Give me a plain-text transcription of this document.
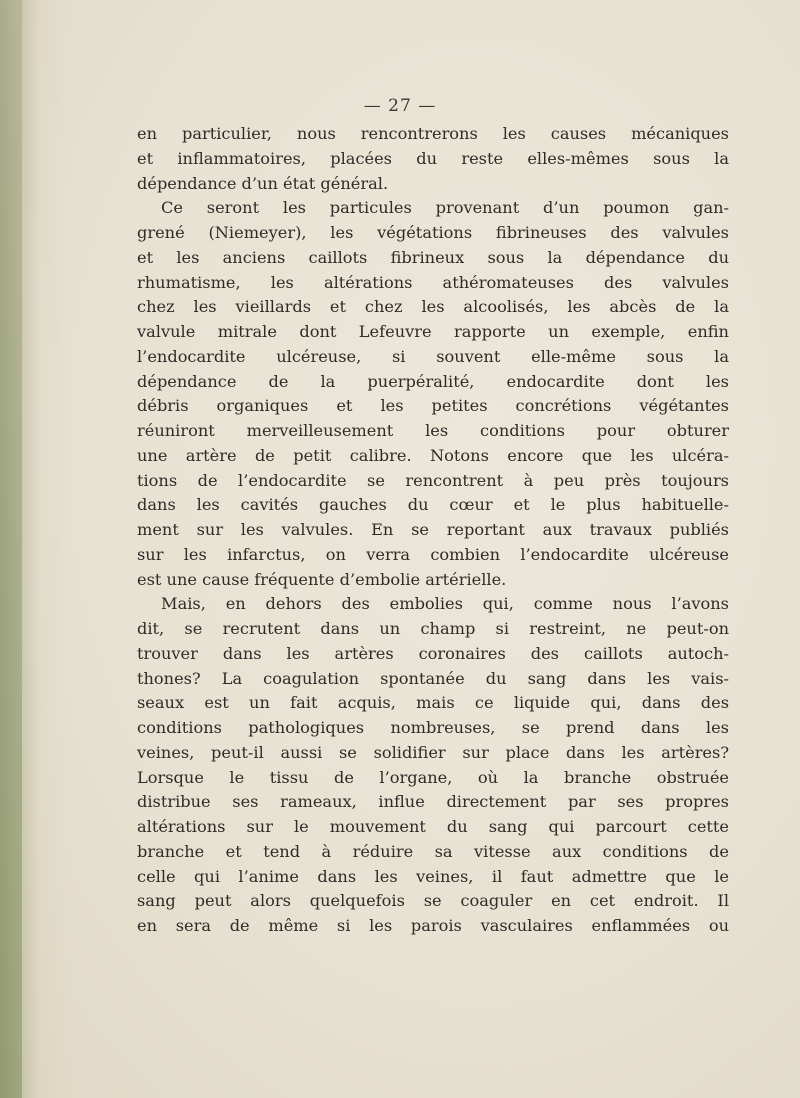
— 27 —
en particulier, nous rencontrerons les causes mécaniques
et inflammatoires, placées du reste elles-mêmes sous la
dépendance d’un état général.
Ce seront les particules provenant d’un poumon gan-
grené (Niemeyer), les végétations fibrineuses des valvules
et les anciens caillots fibrineux sous la dépendance du
rhumatisme, les altérations athéromateuses des valvules
chez les vieillards et chez les alcoolisés, les abcès de la
valvule mitrale dont Lefeuvre rapporte un exemple, enfin
l’endocardite ulcéreuse, si souvent elle-même sous la
dépendance de la puerpéralité, endocardite dont les
débris organiques et les petites concrétions végétantes
réuniront merveilleusement les conditions pour obturer
une artère de petit calibre. Notons encore que les ulcéra-
tions de l’endocardite se rencontrent à peu près toujours
dans les cavités gauches du cœur et le plus habituelle-
ment sur les valvules. En se reportant aux travaux publiés
sur les infarctus, on verra combien l’endocardite ulcéreuse
est une cause fréquente d’embolie artérielle.
Mais, en dehors des embolies qui, comme nous l’avons
dit, se recrutent dans un champ si restreint, ne peut-on
trouver dans les artères coronaires des caillots autoch-
thones? La coagulation spontanée du sang dans les vais-
seaux est un fait acquis, mais ce liquide qui, dans des
conditions pathologiques nombreuses, se prend dans les
veines, peut-il aussi se solidifier sur place dans les artères?
Lorsque le tissu de l’organe, où la branche obstruée
distribue ses rameaux, influe directement par ses propres
altérations sur le mouvement du sang qui parcourt cette
branche et tend à réduire sa vitesse aux conditions de
celle qui l’anime dans les veines, il faut admettre que le
sang peut alors quelquefois se coaguler en cet endroit. Il
en sera de même si les parois vasculaires enflammées ou
